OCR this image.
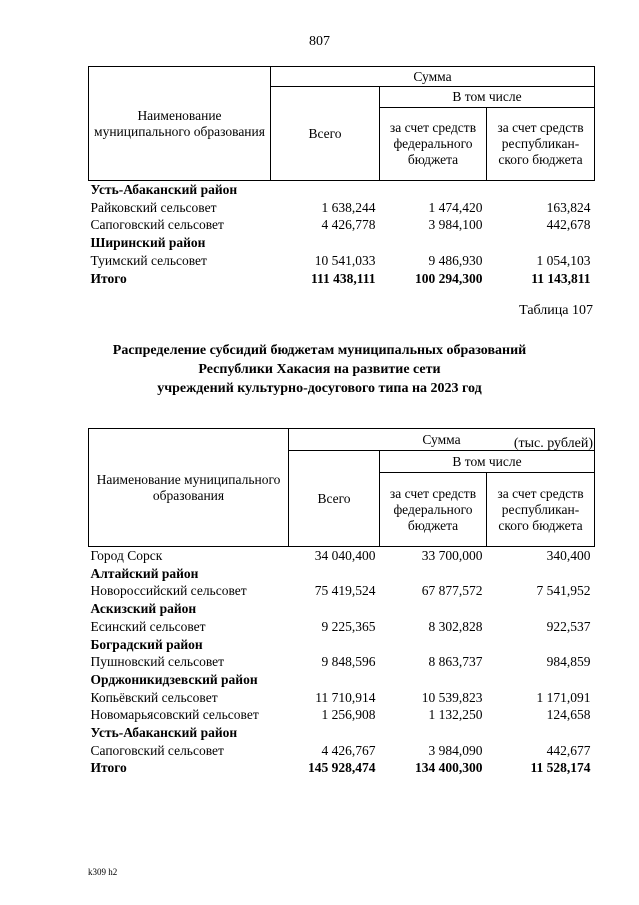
807
Наименование муниципального образования	Сумма		
	Всего	В том числе	
		за счет средств федерального бюджета	за счет средств республикан-ского бюджета
Усть-Абаканский район			
Райковский сельсовет	1 638,244	1 474,420	163,824
Сапоговский сельсовет	4 426,778	3 984,100	442,678
Ширинский район			
Туимский сельсовет	10 541,033	9 486,930	1 054,103
Итого	111 438,111	100 294,300	11 143,811
Таблица 107
Распределение субсидий бюджетам муниципальных образований
Республики Хакасия на развитие сети
учреждений культурно-досугового типа на 2023 год
(тыс. рублей)
Наименование муниципального образования	Сумма		
	Всего	В том числе	
		за счет средств федерального бюджета	за счет средств республикан-ского бюджета
Город Сорск	34 040,400	33 700,000	340,400
Алтайский район			
Новороссийский сельсовет	75 419,524	67 877,572	7 541,952
Аскизский район			
Есинский сельсовет	9 225,365	8 302,828	922,537
Боградский район			
Пушновский сельсовет	9 848,596	8 863,737	984,859
Орджоникидзевский район			
Копьёвский сельсовет	11 710,914	10 539,823	1 171,091
Новомарьясовский сельсовет	1 256,908	1 132,250	124,658
Усть-Абаканский район			
Сапоговский сельсовет	4 426,767	3 984,090	442,677
Итого	145 928,474	134 400,300	11 528,174
k309 h2
